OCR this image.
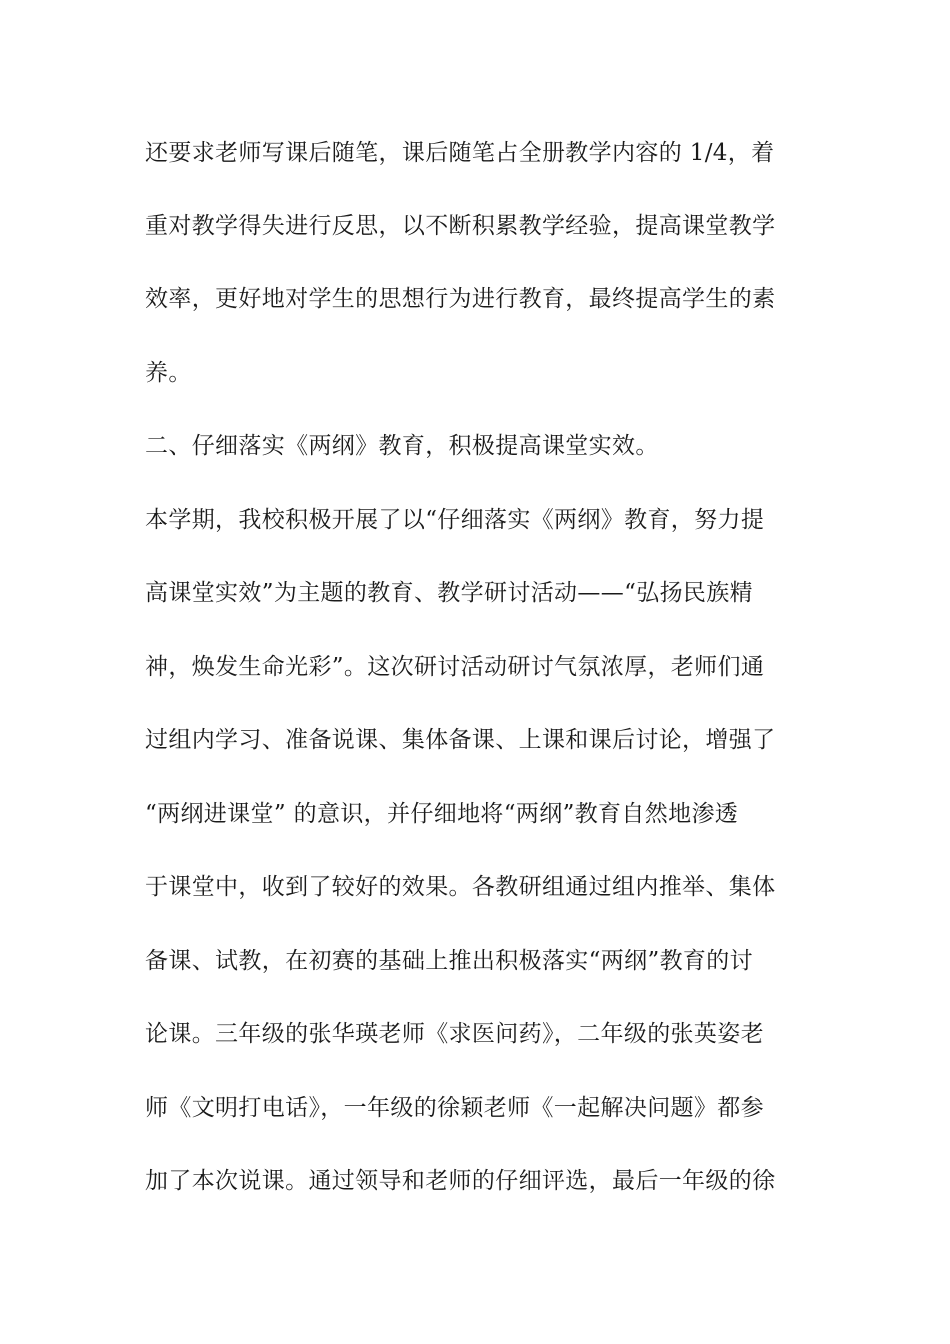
还要求老师写课后随笔，课后随笔占全册教学内容的 1/4，着
重对教学得失进行反思，以不断积累教学经验，提高课堂教学
效率，更好地对学生的思想行为进行教育，最终提高学生的素
养。
二、仔细落实《两纲》教育，积极提高课堂实效。
本学期，我校积极开展了以“仔细落实《两纲》教育，努力提
高课堂实效”为主题的教育、教学研讨活动——“弘扬民族精
神，焕发生命光彩”。这次研讨活动研讨气氛浓厚，老师们通
过组内学习、准备说课、集体备课、上课和课后讨论，增强了
“两纲进课堂” 的意识，并仔细地将“两纲”教育自然地渗透
于课堂中，收到了较好的效果。各教研组通过组内推举、集体
备课、试教，在初赛的基础上推出积极落实“两纲”教育的讨
论课。三年级的张华瑛老师《求医问药》，二年级的张英姿老
师《文明打电话》，一年级的徐颖老师《一起解决问题》都参
加了本次说课。通过领导和老师的仔细评选，最后一年级的徐
